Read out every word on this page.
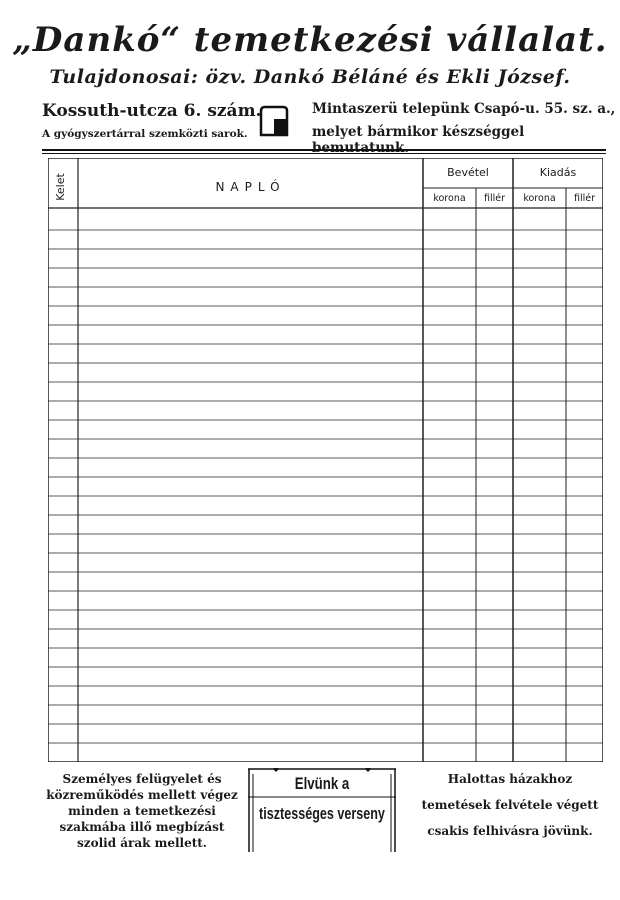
„Dankó“ temetkezési vállalat.
Tulajdonosai: özv. Dankó Béláné és Ekli József.
Kossuth-utcza 6. szám.
A gyógyszertárral szemközti sarok.
Mintaszerü telepünk Csapó-u. 55. sz. a.,
melyet bármikor készséggel bemutatunk.
Kelet	NAPLÓ
Bevétel	Kiadás
korona	fillér	korona	fillér
Személyes felügyelet és közreműködés mellett végez minden a temetkezési szakmába illő megbízást szolid árak mellett.
Elvünk a
tisztességes verseny
Halottas házakhoz
temetések felvétele végett
csakis felhivásra jövünk.
